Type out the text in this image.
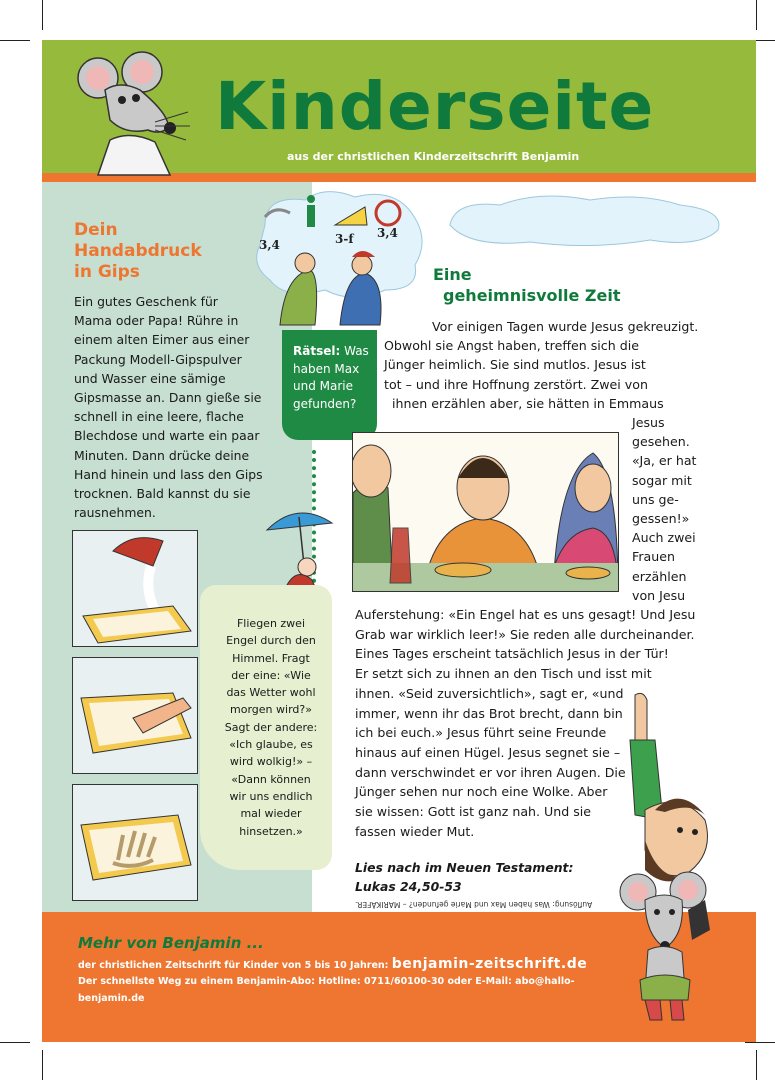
Kinderseite
aus der christlichen Kinderzeitschrift Benjamin
Dein
Handabdruck
in Gips
Ein gutes Geschenk für
Mama oder Papa! Rühre in
einem alten Eimer aus einer
Packung Modell-Gipspulver
und Wasser eine sämige
Gipsmasse an. Dann gieße sie
schnell in eine leere, flache
Blechdose und warte ein paar
Minuten. Dann drücke deine
Hand hinein und lass den Gips
trocknen. Bald kannst du sie
rausnehmen.
3,4	3-f 3,4
Rätsel: Was
haben Max
und Marie
gefunden?
Fliegen zwei
Engel durch den
Himmel. Fragt
der eine: «Wie
das Wetter wohl
morgen wird?»
Sagt der andere:
«Ich glaube, es
wird wolkig!» –
«Dann können
wir uns endlich
mal wieder
hinsetzen.»
Eine
geheimnisvolle Zeit
Vor einigen Tagen wurde Jesus gekreuzigt.
Obwohl sie Angst haben, treffen sich die
Jünger heimlich. Sie sind mutlos. Jesus ist
tot – und ihre Hoffnung zerstört. Zwei von
ihnen erzählen aber, sie hätten in Emmaus
Jesus
gesehen.
«Ja, er hat
sogar mit
uns ge-
gessen!»
Auch zwei
Frauen
erzählen
von Jesu
Auferstehung: «Ein Engel hat es uns gesagt! Und Jesu
Grab war wirklich leer!» Sie reden alle durcheinander.
Eines Tages erscheint tatsächlich Jesus in der Tür!
Er setzt sich zu ihnen an den Tisch und isst mit
ihnen. «Seid zuversichtlich», sagt er, «und
immer, wenn ihr das Brot brecht, dann bin
ich bei euch.» Jesus führt seine Freunde
hinaus auf einen Hügel. Jesus segnet sie –
dann verschwindet er vor ihren Augen. Die
Jünger sehen nur noch eine Wolke. Aber
sie wissen: Gott ist ganz nah. Und sie
fassen wieder Mut.
Lies nach im Neuen Testament:
Lukas 24,50-53
Auflösung: Was haben Max und Marie gefunden? – MARIKÄFER.
Mehr von Benjamin ...
der christlichen Zeitschrift für Kinder von 5 bis 10 Jahren: benjamin-zeitschrift.de
Der schnellste Weg zu einem Benjamin-Abo: Hotline: 0711/60100-30 oder E-Mail: abo@hallo-
benjamin.de
